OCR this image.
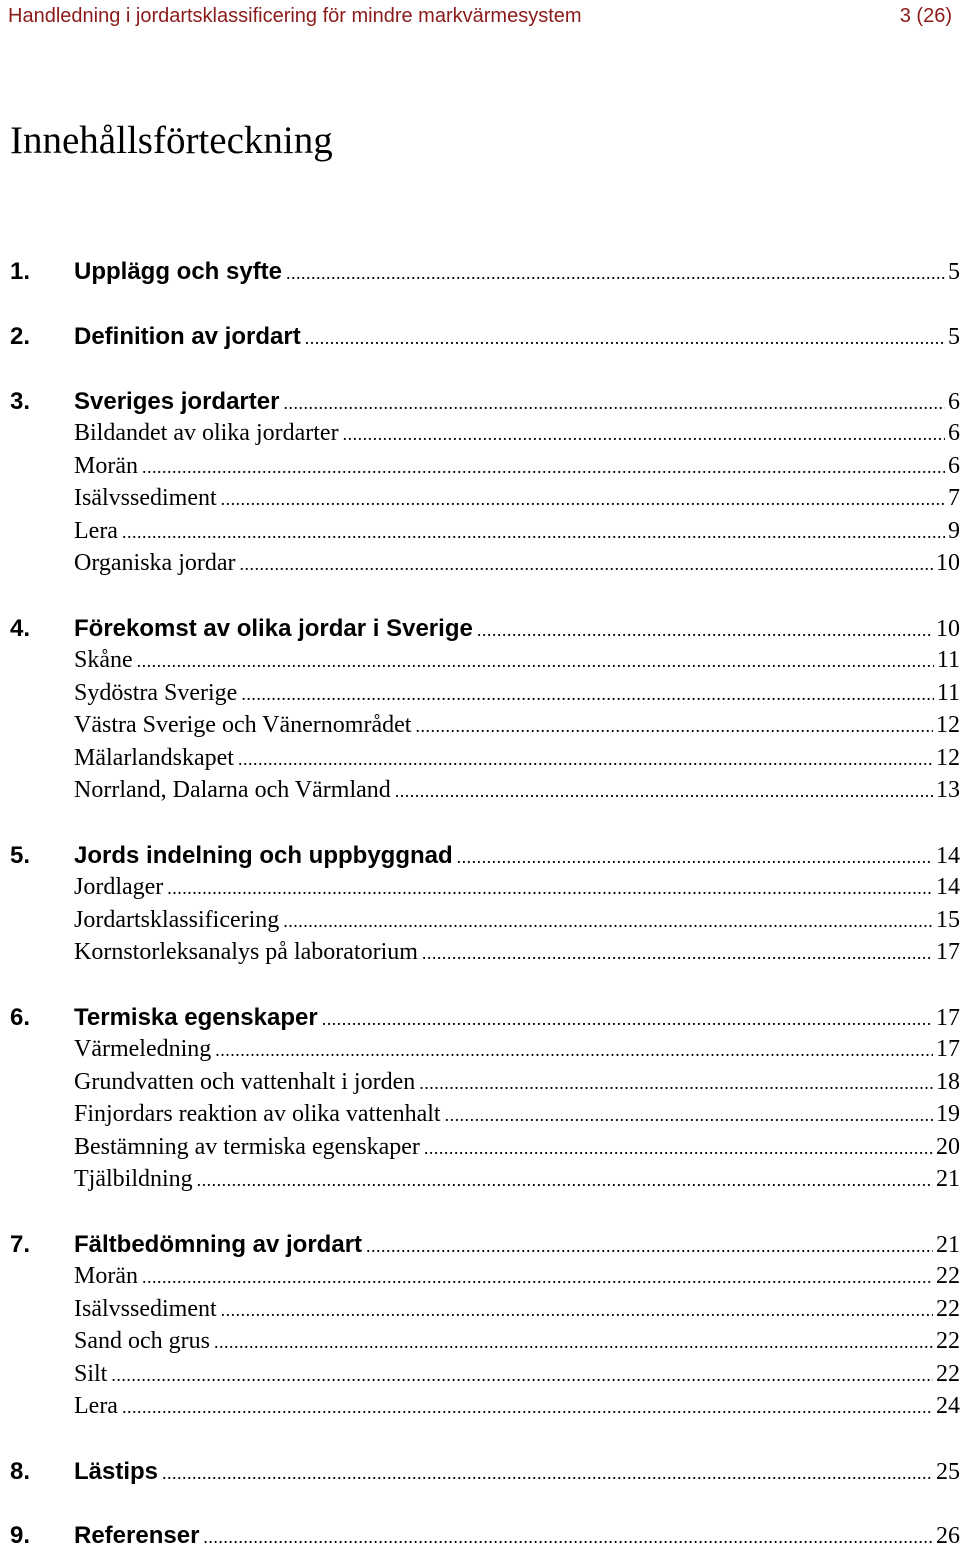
Handledning i jordartsklassificering för mindre markvärmesystem	3 (26)
Innehållsförteckning
1.	Upplägg och syfte .....	5
2.	Definition av jordart .....	5
3.	Sveriges jordarter .....	6
Bildandet av olika jordarter .....	6
Morän .....	6
Isälvssediment .....	7
Lera .....	9
Organiska jordar .....	10
4.	Förekomst av olika jordar i Sverige .....	10
Skåne .....	11
Sydöstra Sverige .....	11
Västra Sverige och Vänernområdet .....	12
Mälarlandskapet .....	12
Norrland, Dalarna och Värmland .....	13
5.	Jords indelning och uppbyggnad .....	14
Jordlager .....	14
Jordartsklassificering .....	15
Kornstorleksanalys på laboratorium .....	17
6.	Termiska egenskaper .....	17
Värmeledning .....	17
Grundvatten och vattenhalt i jorden .....	18
Finjordars reaktion av olika vattenhalt .....	19
Bestämning av termiska egenskaper .....	20
Tjälbildning .....	21
7.	Fältbedömning av jordart .....	21
Morän .....	22
Isälvssediment .....	22
Sand och grus .....	22
Silt .....	22
Lera .....	24
8.	Lästips .....	25
9.	Referenser .....	26
